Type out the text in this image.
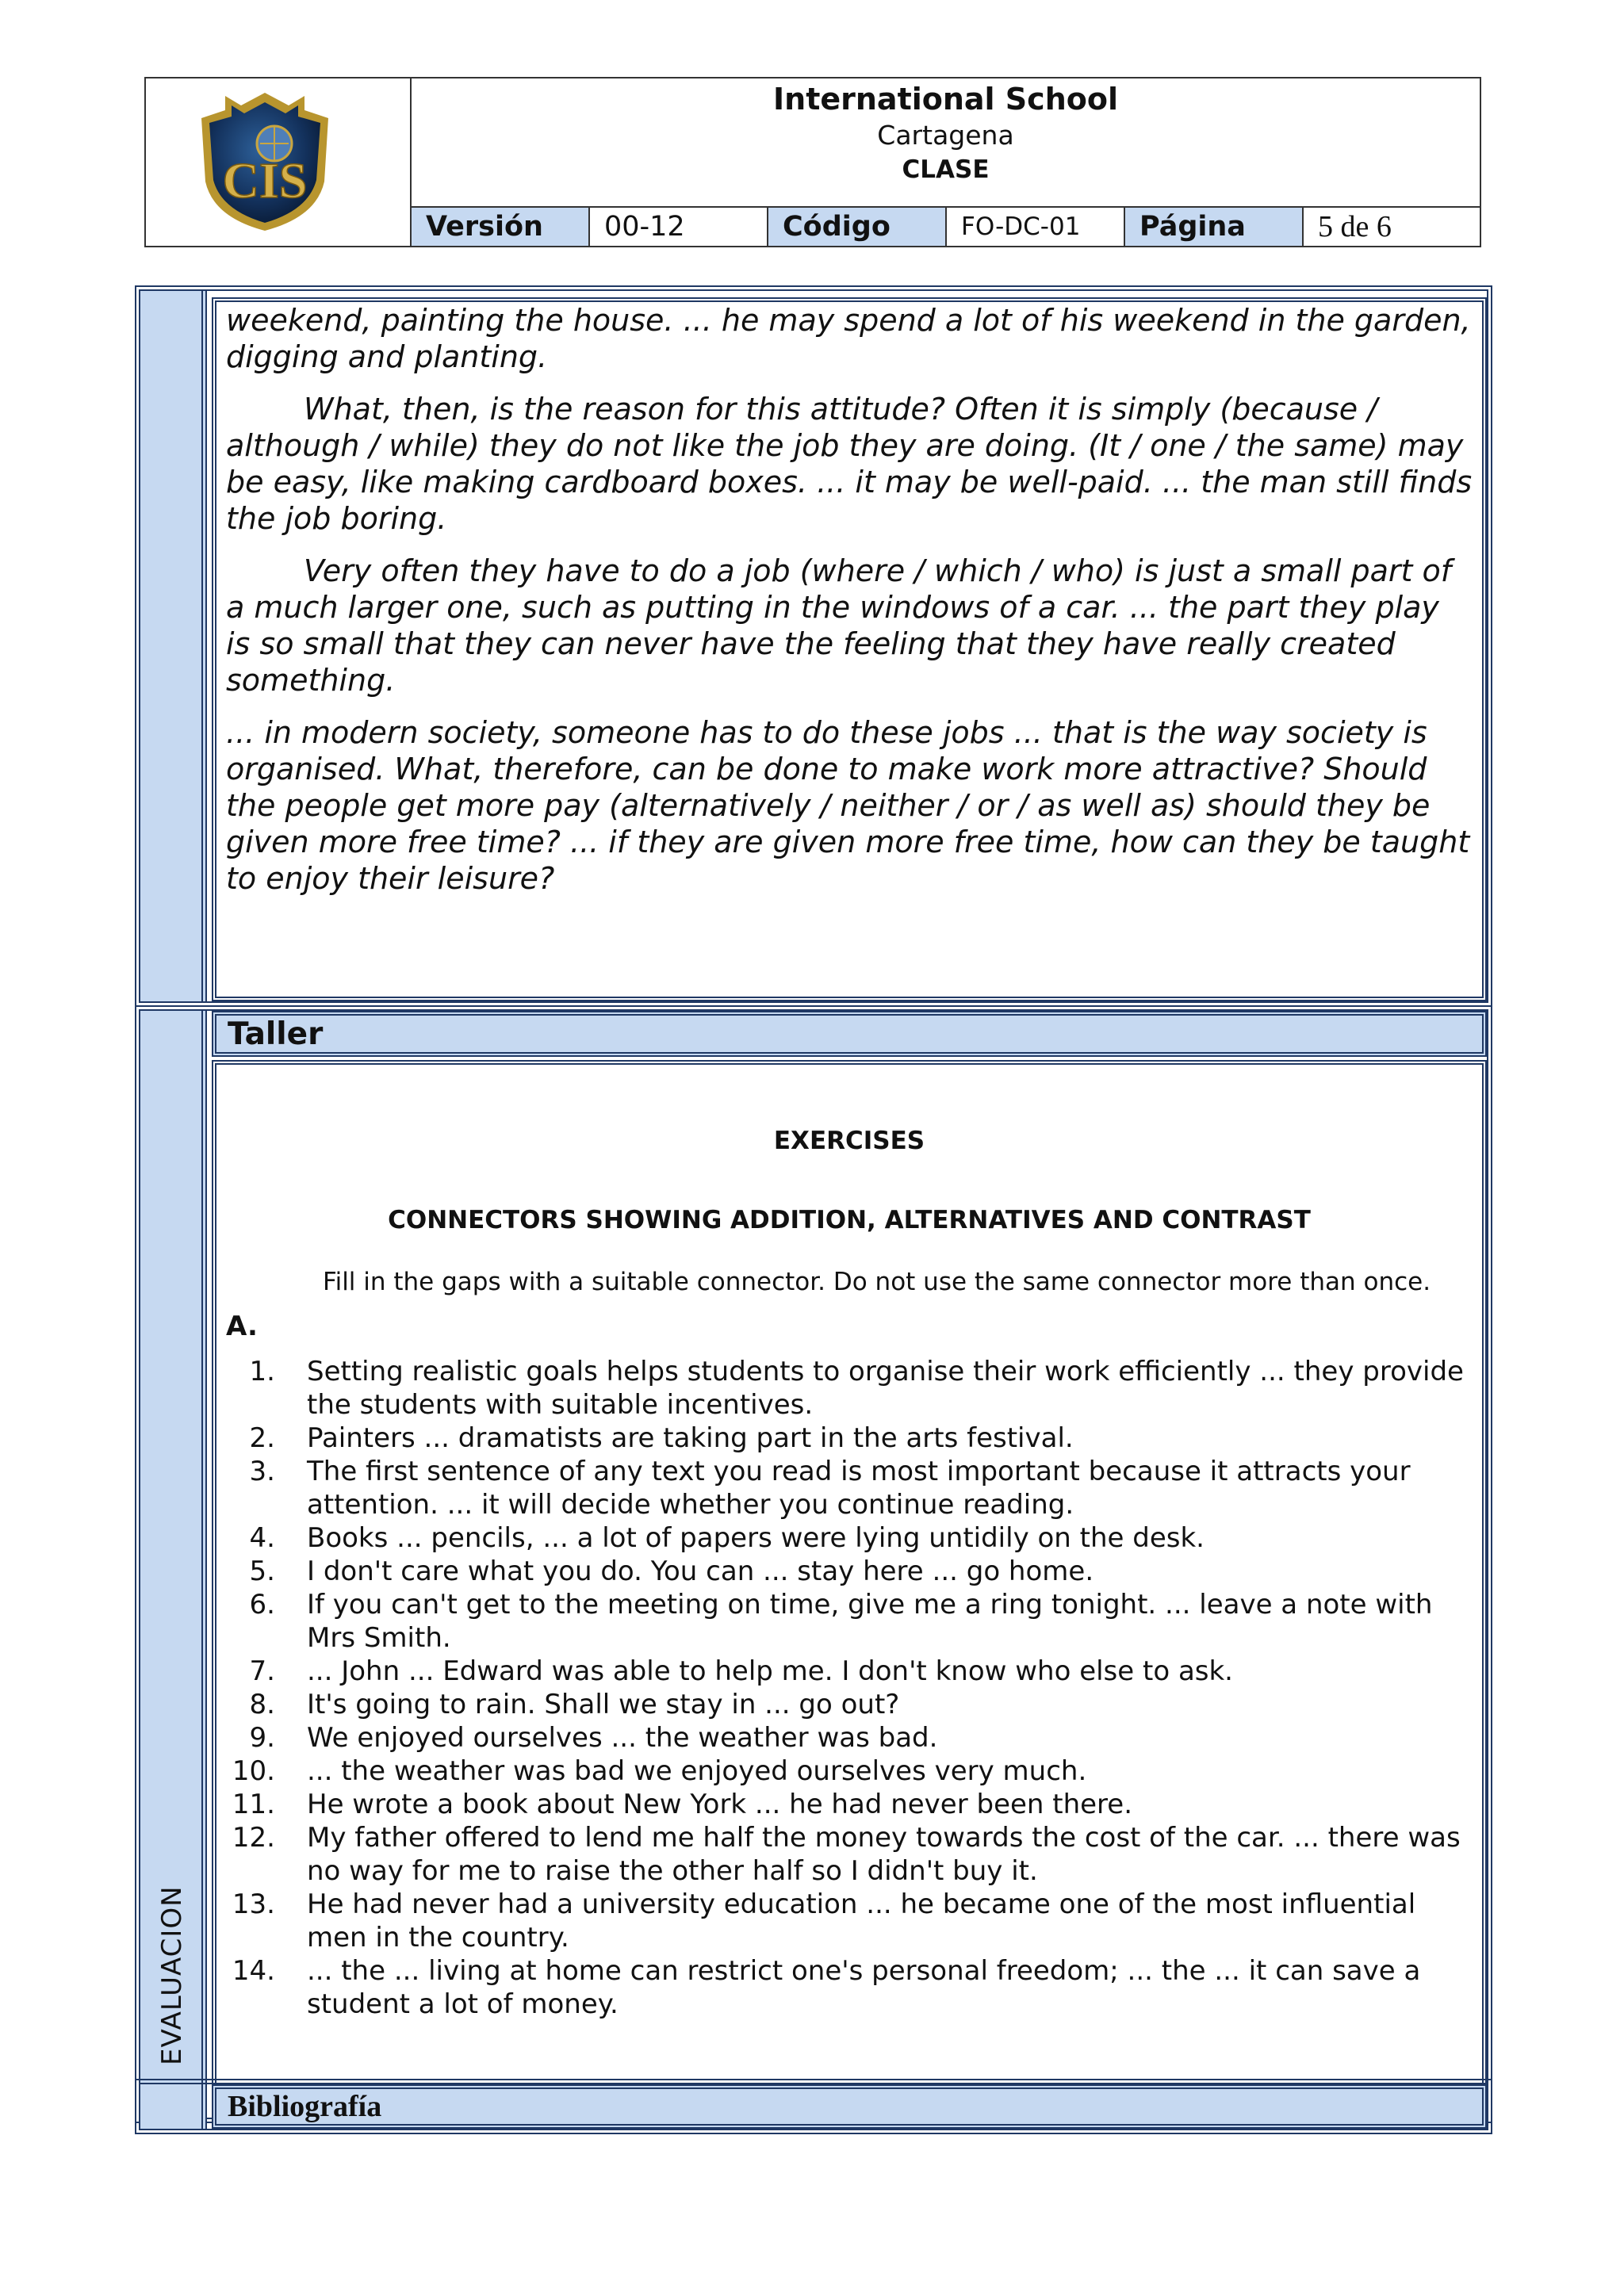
CIS
International School
Cartagena
CLASE
Versión	00-12	Código	FO-DC-01	Página	5 de 6

weekend, painting the house. ... he may spend a lot of his weekend in the garden, digging and planting.

What, then, is the reason for this attitude? Often it is simply (because / although / while) they do not like the job they are doing. (It / one / the same) may be easy, like making cardboard boxes. ... it may be well-paid. ... the man still finds the job boring.

Very often they have to do a job (where / which / who) is just a small part of a much larger one, such as putting in the windows of a car. ... the part they play is so small that they can never have the feeling that they have really created something.

... in modern society, someone has to do these jobs ... that is the way society is organised. What, therefore, can be done to make work more attractive? Should the people get more pay (alternatively / neither / or / as well as) should they be given more free time? ... if they are given more free time, how can they be taught to enjoy their leisure?

EVALUACION
Taller
EXERCISES
CONNECTORS SHOWING ADDITION, ALTERNATIVES AND CONTRAST
Fill in the gaps with a suitable connector. Do not use the same connector more than once.
A.
1. Setting realistic goals helps students to organise their work efficiently ... they provide the students with suitable incentives.
2. Painters ... dramatists are taking part in the arts festival.
3. The first sentence of any text you read is most important because it attracts your attention. ... it will decide whether you continue reading.
4. Books ... pencils, ... a lot of papers were lying untidily on the desk.
5. I don't care what you do. You can ... stay here ... go home.
6. If you can't get to the meeting on time, give me a ring tonight. ... leave a note with Mrs Smith.
7. ... John ... Edward was able to help me. I don't know who else to ask.
8. It's going to rain. Shall we stay in ... go out?
9. We enjoyed ourselves ... the weather was bad.
10. ... the weather was bad we enjoyed ourselves very much.
11. He wrote a book about New York ... he had never been there.
12. My father offered to lend me half the money towards the cost of the car. ... there was no way for me to raise the other half so I didn't buy it.
13. He had never had a university education ... he became one of the most influential men in the country.
14. ... the ... living at home can restrict one's personal freedom; ... the ... it can save a student a lot of money.
Bibliografía
